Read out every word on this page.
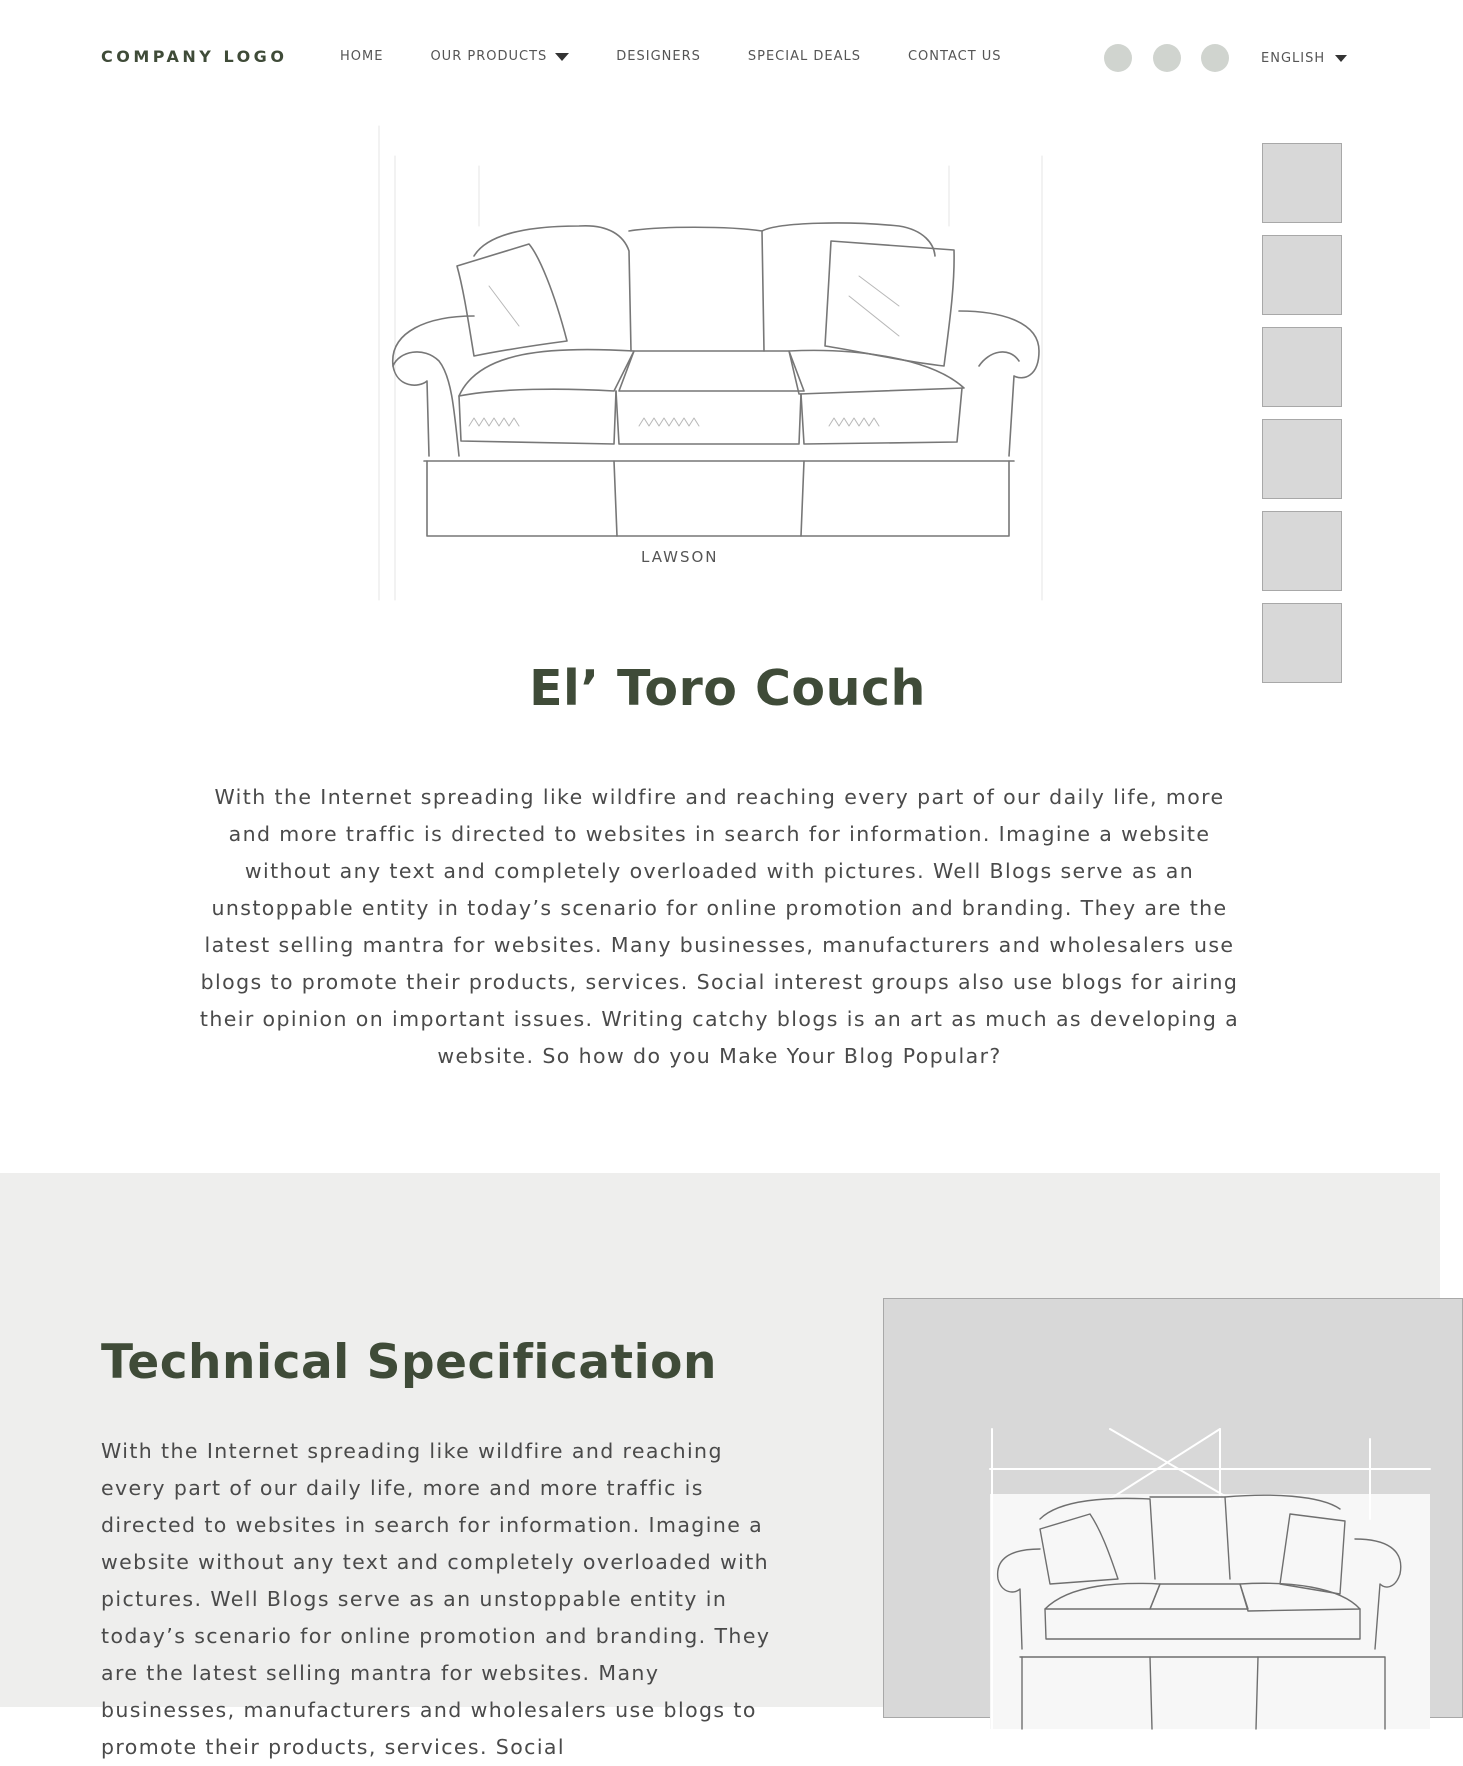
COMPANY LOGO	HOME	OUR PRODUCTS	DESIGNERS	SPECIAL DEALS	CONTACT US	ENGLISH
LAWSON
El’ Toro Couch

With the Internet spreading like wildfire and reaching every part of our daily life, more and more traffic is directed to websites in search for information. Imagine a website without any text and completely overloaded with pictures. Well Blogs serve as an unstoppable entity in today’s scenario for online promotion and branding. They are the latest selling mantra for websites. Many businesses, manufacturers and wholesalers use blogs to promote their products, services. Social interest groups also use blogs for airing their opinion on important issues. Writing catchy blogs is an art as much as developing a website. So how do you Make Your Blog Popular?

Technical Specification

With the Internet spreading like wildfire and reaching every part of our daily life, more and more traffic is directed to websites in search for information. Imagine a website without any text and completely overloaded with pictures. Well Blogs serve as an unstoppable entity in today’s scenario for online promotion and branding. They are the latest selling mantra for websites. Many businesses, manufacturers and wholesalers use blogs to promote their products, services. Social
